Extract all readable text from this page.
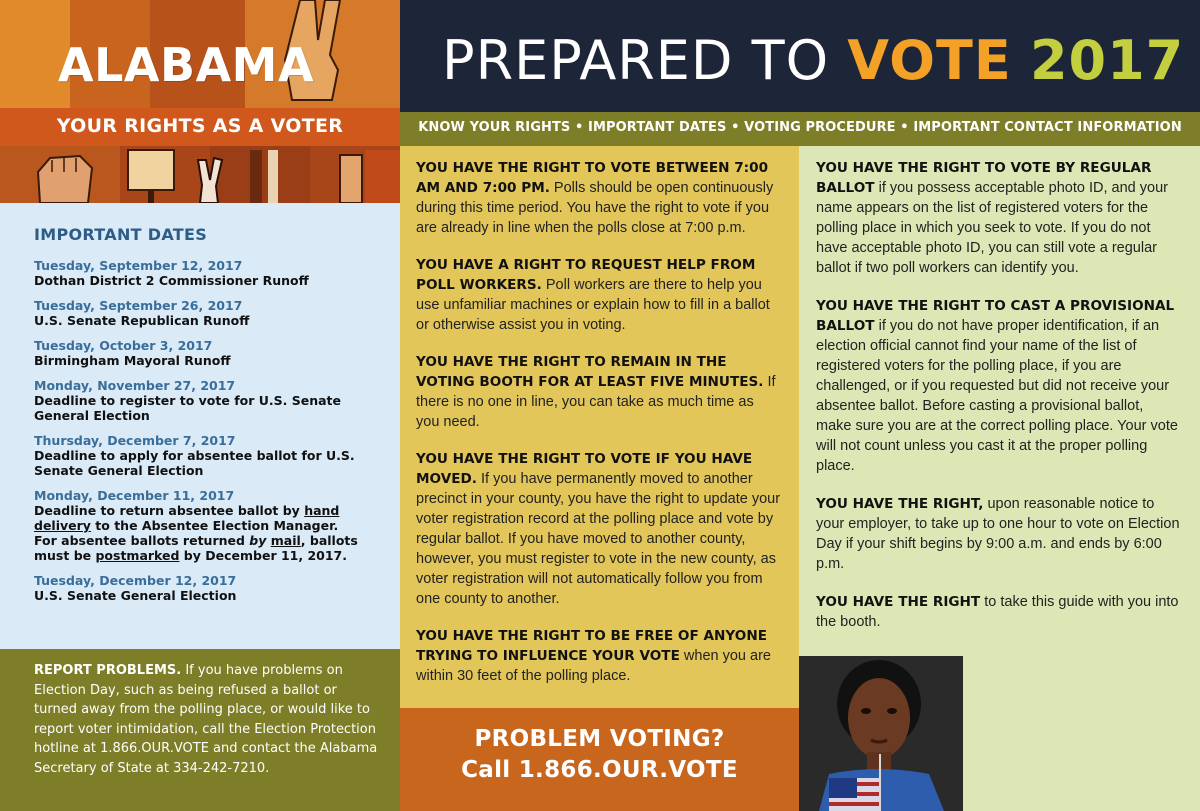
ALABAMA
YOUR RIGHTS AS A VOTER
IMPORTANT DATES
Tuesday, September 12, 2017
Dothan District 2 Commissioner Runoff
Tuesday, September 26, 2017
U.S. Senate Republican Runoff
Tuesday, October 3, 2017
Birmingham Mayoral Runoff
Monday, November 27, 2017
Deadline to register to vote for U.S. Senate General Election
Thursday, December 7, 2017
Deadline to apply for absentee ballot for U.S. Senate General Election
Monday, December 11, 2017
Deadline to return absentee ballot by hand delivery to the Absentee Election Manager.
For absentee ballots returned by mail, ballots must be postmarked by December 11, 2017.
Tuesday, December 12, 2017
U.S. Senate General Election
REPORT PROBLEMS. If you have problems on Election Day, such as being refused a ballot or turned away from the polling place, or would like to report voter intimidation, call the Election Protection hotline at 1.866.OUR.VOTE and contact the Alabama Secretary of State at 334-242-7210.
PREPARED TO VOTE 2017
KNOW YOUR RIGHTS • IMPORTANT DATES • VOTING PROCEDURE • IMPORTANT CONTACT INFORMATION

YOU HAVE THE RIGHT TO VOTE BETWEEN 7:00 AM AND 7:00 PM. Polls should be open continuously during this time period. You have the right to vote if you are already in line when the polls close at 7:00 p.m.

YOU HAVE A RIGHT TO REQUEST HELP FROM POLL WORKERS. Poll workers are there to help you use unfamiliar machines or explain how to fill in a ballot or otherwise assist you in voting.

YOU HAVE THE RIGHT TO REMAIN IN THE VOTING BOOTH FOR AT LEAST FIVE MINUTES. If there is no one in line, you can take as much time as you need.

YOU HAVE THE RIGHT TO VOTE IF YOU HAVE MOVED. If you have permanently moved to another precinct in your county, you have the right to update your voter registration record at the polling place and vote by regular ballot. If you have moved to another county, however, you must register to vote in the new county, as voter registration will not automatically follow you from one county to another.

YOU HAVE THE RIGHT TO BE FREE OF ANYONE TRYING TO INFLUENCE YOUR VOTE when you are within 30 feet of the polling place.

YOU HAVE THE RIGHT TO VOTE BY REGULAR BALLOT if you possess acceptable photo ID, and your name appears on the list of registered voters for the polling place in which you seek to vote. If you do not have acceptable photo ID, you can still vote a regular ballot if two poll workers can identify you.

YOU HAVE THE RIGHT TO CAST A PROVISIONAL BALLOT if you do not have proper identification, if an election official cannot find your name of the list of registered voters for the polling place, if you are challenged, or if you requested but did not receive your absentee ballot. Before casting a provisional ballot, make sure you are at the correct polling place. Your vote will not count unless you cast it at the proper polling place.

YOU HAVE THE RIGHT, upon reasonable notice to your employer, to take up to one hour to vote on Election Day if your shift begins by 9:00 a.m. and ends by 6:00 p.m.

YOU HAVE THE RIGHT to take this guide with you into the booth.

PROBLEM VOTING?
Call 1.866.OUR.VOTE
